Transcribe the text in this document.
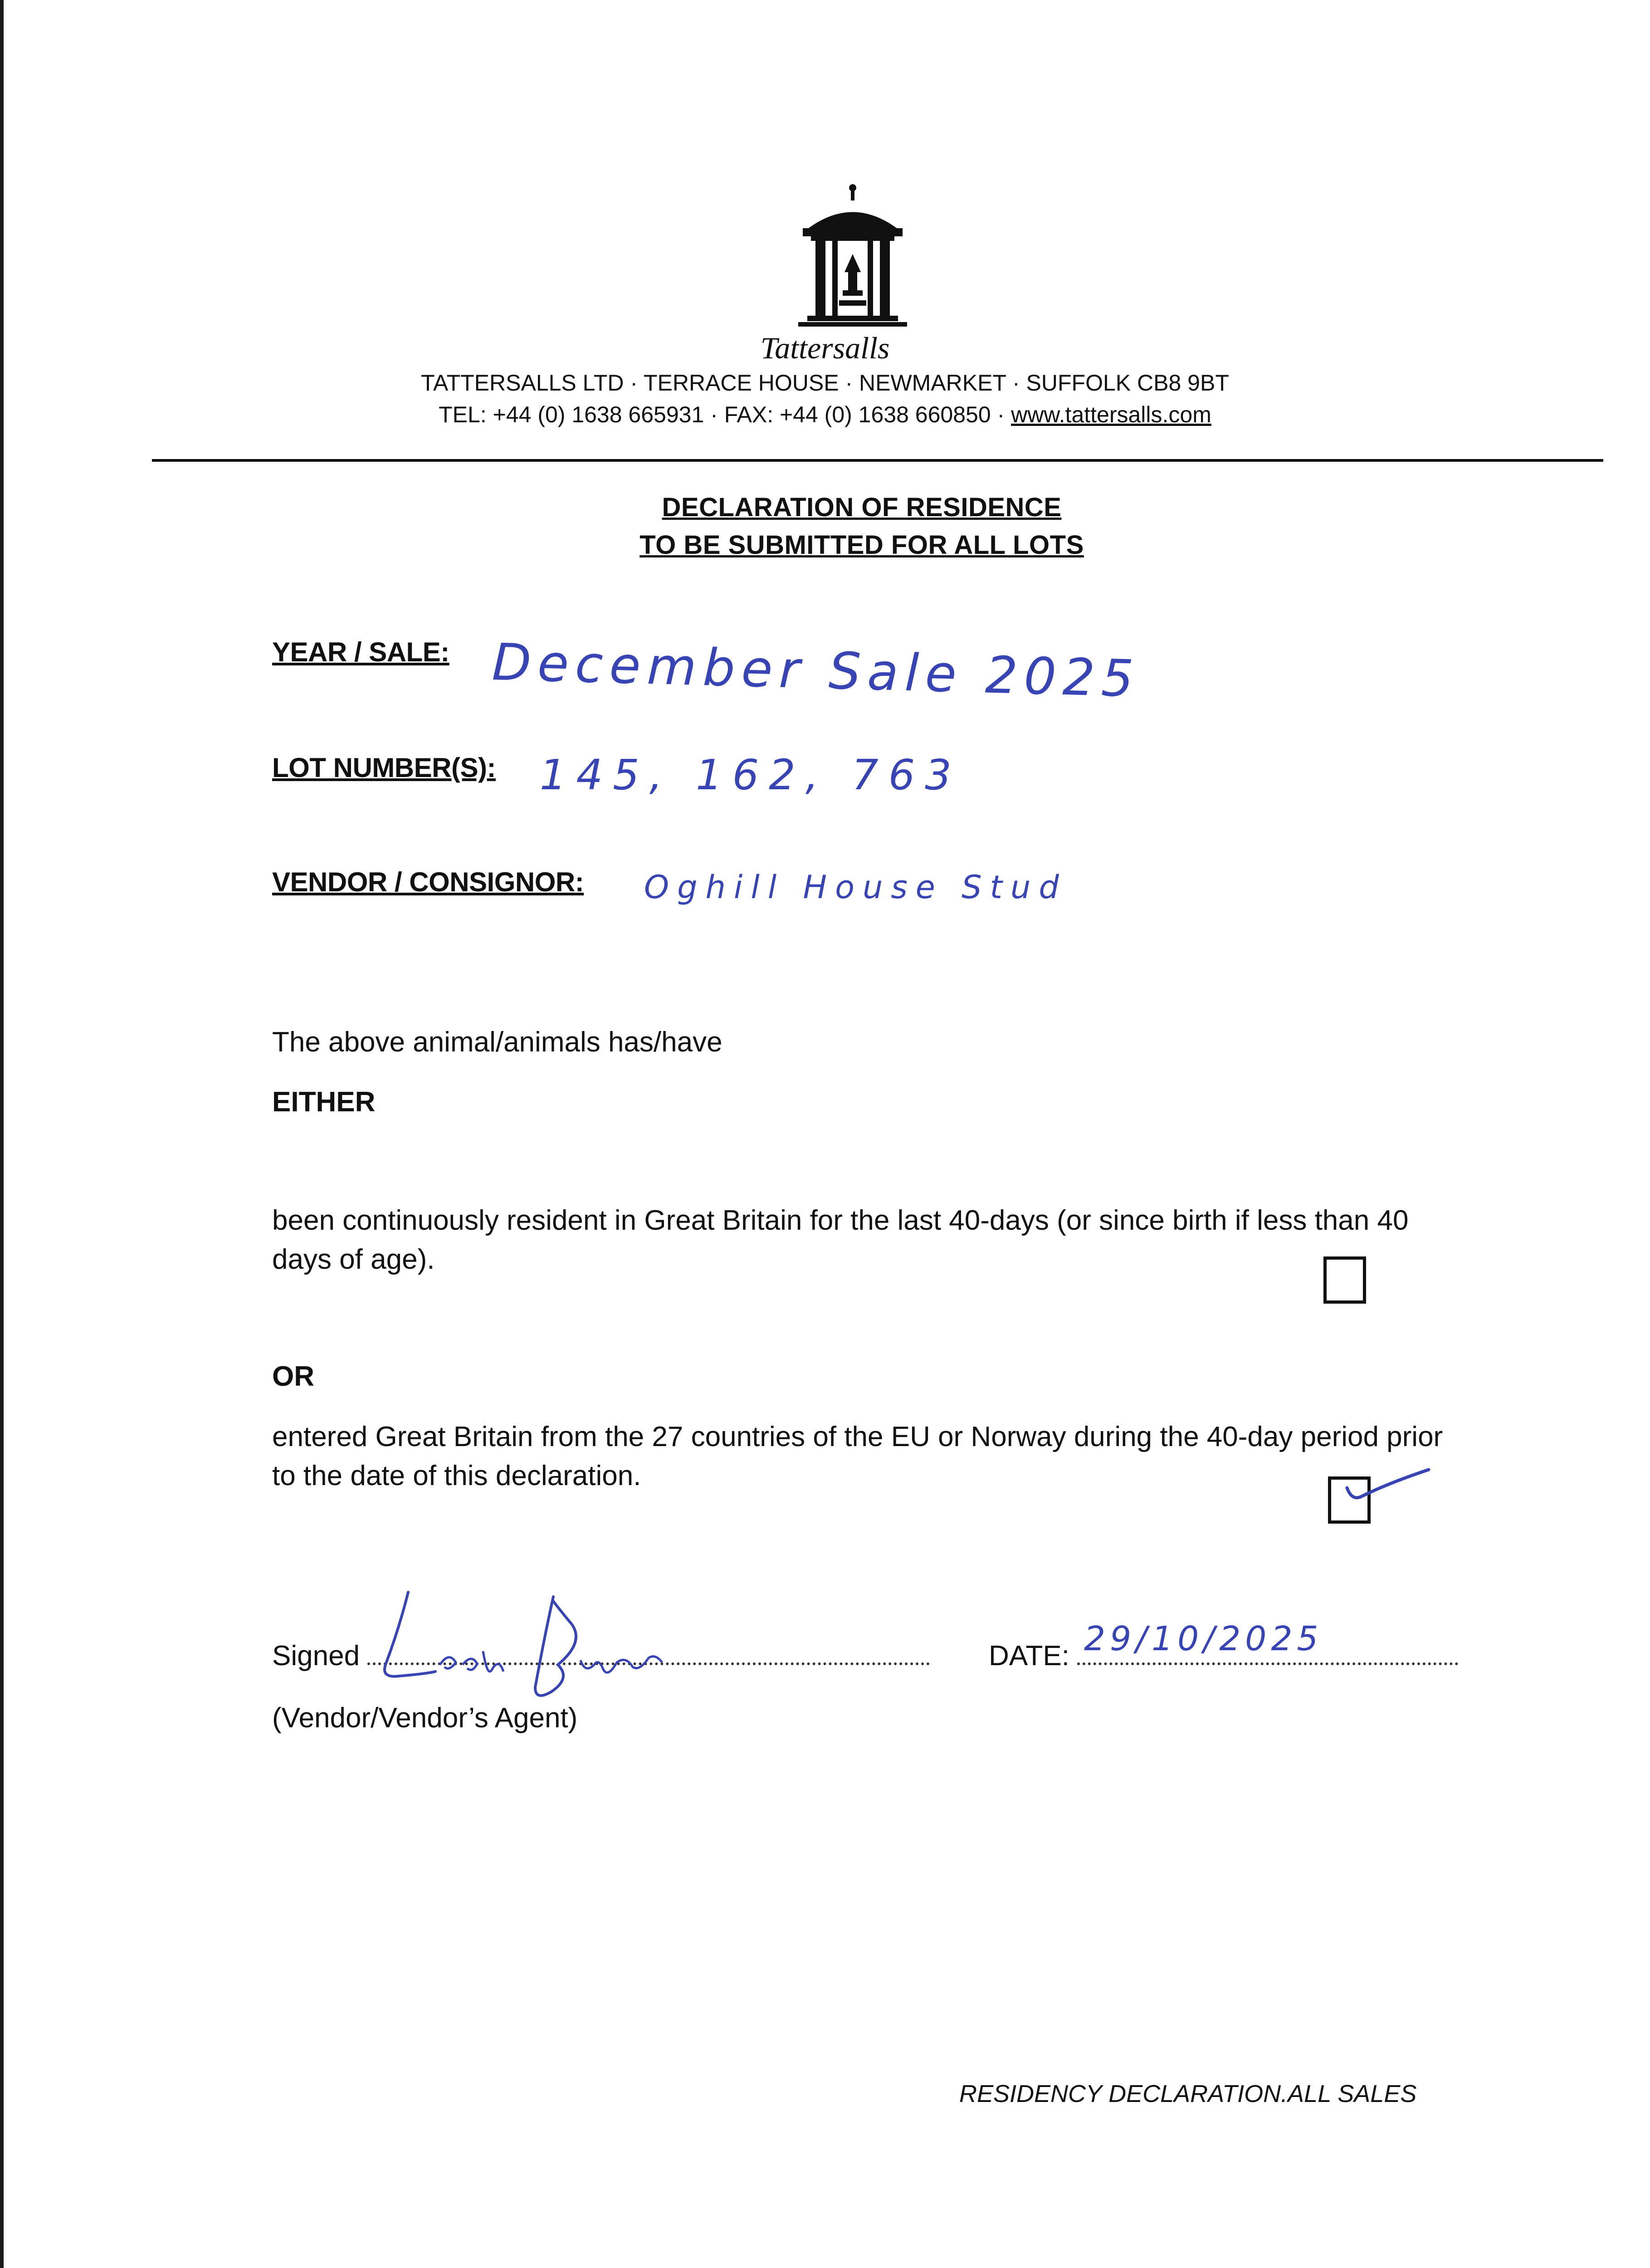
Tattersalls
TATTERSALLS LTD · TERRACE HOUSE · NEWMARKET · SUFFOLK CB8 9BT
TEL: +44 (0) 1638 665931 · FAX: +44 (0) 1638 660850 · www.tattersalls.com
DECLARATION OF RESIDENCE
TO BE SUBMITTED FOR ALL LOTS
YEAR / SALE: December Sale 2025
LOT NUMBER(S): 145, 162, 763
VENDOR / CONSIGNOR: Oghill House Stud
The above animal/animals has/have
EITHER
been continuously resident in Great Britain for the last 40-days (or since birth if less than 40 days of age).
OR
entered Great Britain from the 27 countries of the EU or Norway during the 40-day period prior to the date of this declaration.
Signed	DATE: 29/10/2025
(Vendor/Vendor’s Agent)
RESIDENCY DECLARATION.ALL SALES
